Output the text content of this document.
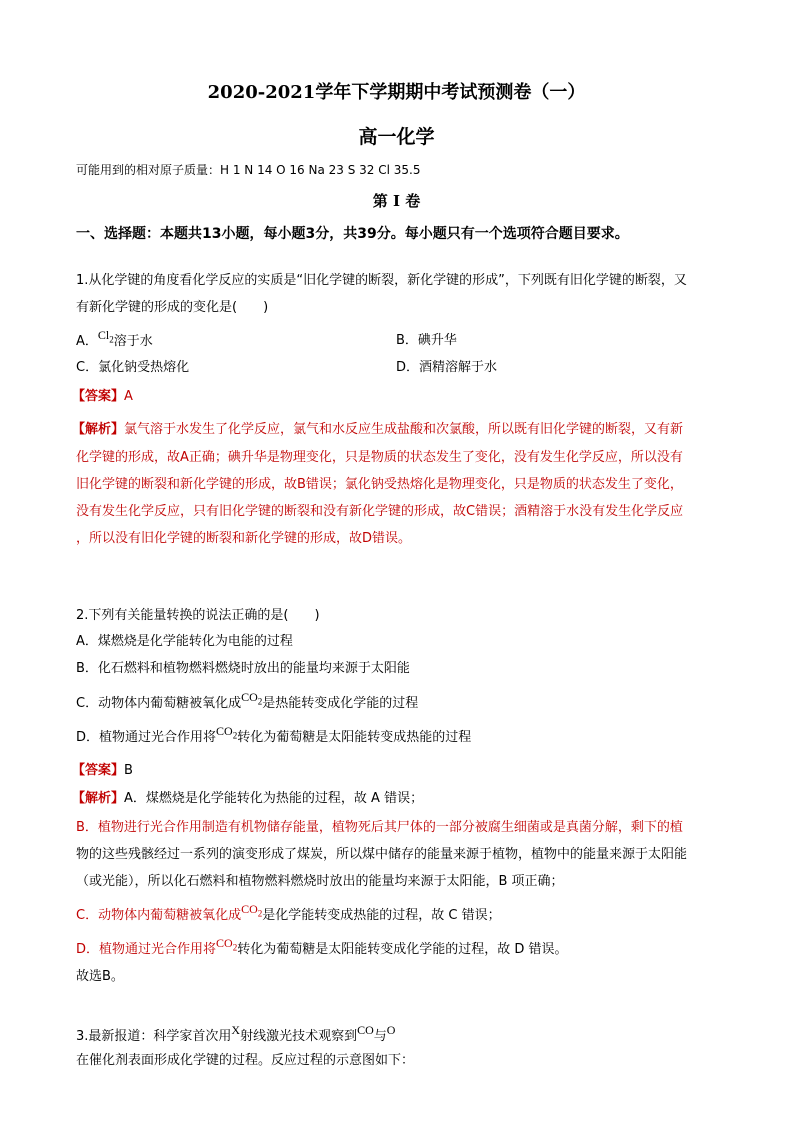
2020-2021学年下学期期中考试预测卷（一）
高一化学
可能用到的相对原子质量：H 1 N 14 O 16 Na 23 S 32 Cl 35.5
第 I 卷
一、选择题：本题共13小题，每小题3分，共39分。每小题只有一个选项符合题目要求。
1.从化学键的角度看化学反应的实质是“旧化学键的断裂，新化学键的形成”，下列既有旧化学键的断裂，又
有新化学键的形成的变化是(　　)
A．$Cl_2$溶于水	B．碘升华
C．氯化钠受热熔化	D．酒精溶解于水
【答案】A
【解析】氯气溶于水发生了化学反应，氯气和水反应生成盐酸和次氯酸，所以既有旧化学键的断裂，又有新
化学键的形成，故A正确；碘升华是物理变化，只是物质的状态发生了变化，没有发生化学反应，所以没有
旧化学键的断裂和新化学键的形成，故B错误；氯化钠受热熔化是物理变化，只是物质的状态发生了变化，
没有发生化学反应，只有旧化学键的断裂和没有新化学键的形成，故C错误；酒精溶于水没有发生化学反应
，所以没有旧化学键的断裂和新化学键的形成，故D错误。
2.下列有关能量转换的说法正确的是(　　)
A．煤燃烧是化学能转化为电能的过程
B．化石燃料和植物燃料燃烧时放出的能量均来源于太阳能
C．动物体内葡萄糖被氧化成$CO_2$是热能转变成化学能的过程
D．植物通过光合作用将$CO_2$转化为葡萄糖是太阳能转变成热能的过程
【答案】B
【解析】A．煤燃烧是化学能转化为热能的过程，故 A 错误；
B．植物进行光合作用制造有机物储存能量，植物死后其尸体的一部分被腐生细菌或是真菌分解，剩下的植
物的这些残骸经过一系列的演变形成了煤炭，所以煤中储存的能量来源于植物，植物中的能量来源于太阳能
（或光能），所以化石燃料和植物燃料燃烧时放出的能量均来源于太阳能，B 项正确；
C．动物体内葡萄糖被氧化成$CO_2$是化学能转变成热能的过程，故 C 错误；
D．植物通过光合作用将$CO_2$转化为葡萄糖是太阳能转变成化学能的过程，故 D 错误。
故选B。
3.最新报道：科学家首次用X射线激光技术观察到CO与O
在催化剂表面形成化学键的过程。反应过程的示意图如下：
